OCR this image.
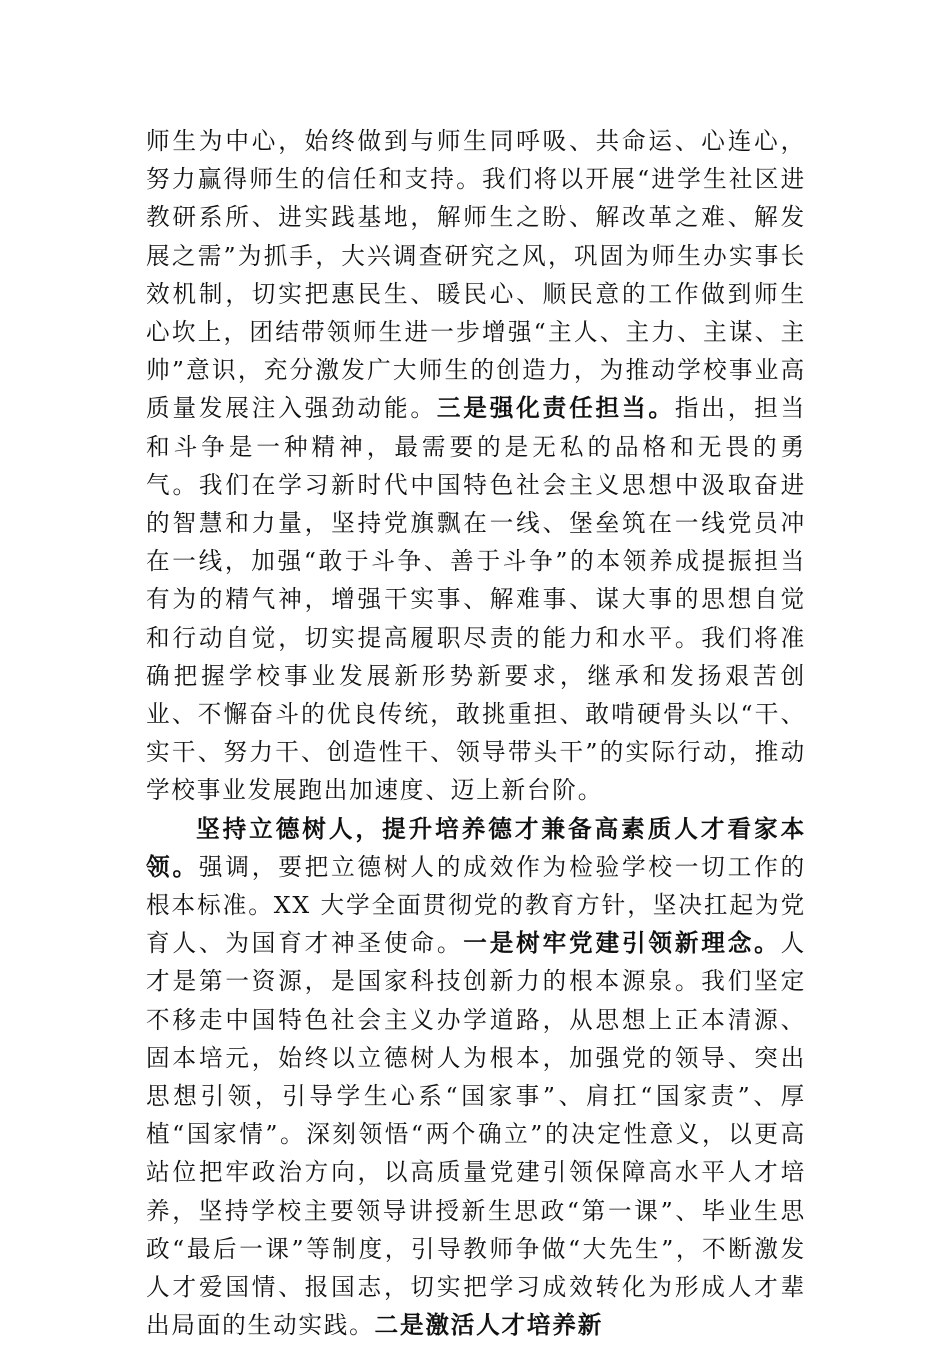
师生为中心，始终做到与师生同呼吸、共命运、心连心，努力赢得师生的信任和支持。我们将以开展“进学生社区进教研系所、进实践基地，解师生之盼、解改革之难、解发展之需”为抓手，大兴调查研究之风，巩固为师生办实事长效机制，切实把惠民生、暖民心、顺民意的工作做到师生心坎上，团结带领师生进一步增强“主人、主力、主谋、主帅”意识，充分激发广大师生的创造力，为推动学校事业高质量发展注入强劲动能。三是强化责任担当。指出，担当和斗争是一种精神，最需要的是无私的品格和无畏的勇气。我们在学习新时代中国特色社会主义思想中汲取奋进的智慧和力量，坚持党旗飘在一线、堡垒筑在一线党员冲在一线，加强“敢于斗争、善于斗争”的本领养成提振担当有为的精气神，增强干实事、解难事、谋大事的思想自觉和行动自觉，切实提高履职尽责的能力和水平。我们将准确把握学校事业发展新形势新要求，继承和发扬艰苦创业、不懈奋斗的优良传统，敢挑重担、敢啃硬骨头以“干、实干、努力干、创造性干、领导带头干”的实际行动，推动学校事业发展跑出加速度、迈上新台阶。

坚持立德树人，提升培养德才兼备高素质人才看家本领。强调，要把立德树人的成效作为检验学校一切工作的根本标准。XX 大学全面贯彻党的教育方针，坚决扛起为党育人、为国育才神圣使命。一是树牢党建引领新理念。人才是第一资源，是国家科技创新力的根本源泉。我们坚定不移走中国特色社会主义办学道路，从思想上正本清源、固本培元，始终以立德树人为根本，加强党的领导、突出思想引领，引导学生心系“国家事”、肩扛“国家责”、厚植“国家情”。深刻领悟“两个确立”的决定性意义，以更高站位把牢政治方向，以高质量党建引领保障高水平人才培养，坚持学校主要领导讲授新生思政“第一课”、毕业生思政“最后一课”等制度，引导教师争做“大先生”，不断激发人才爱国情、报国志，切实把学习成效转化为形成人才辈出局面的生动实践。二是激活人才培养新
